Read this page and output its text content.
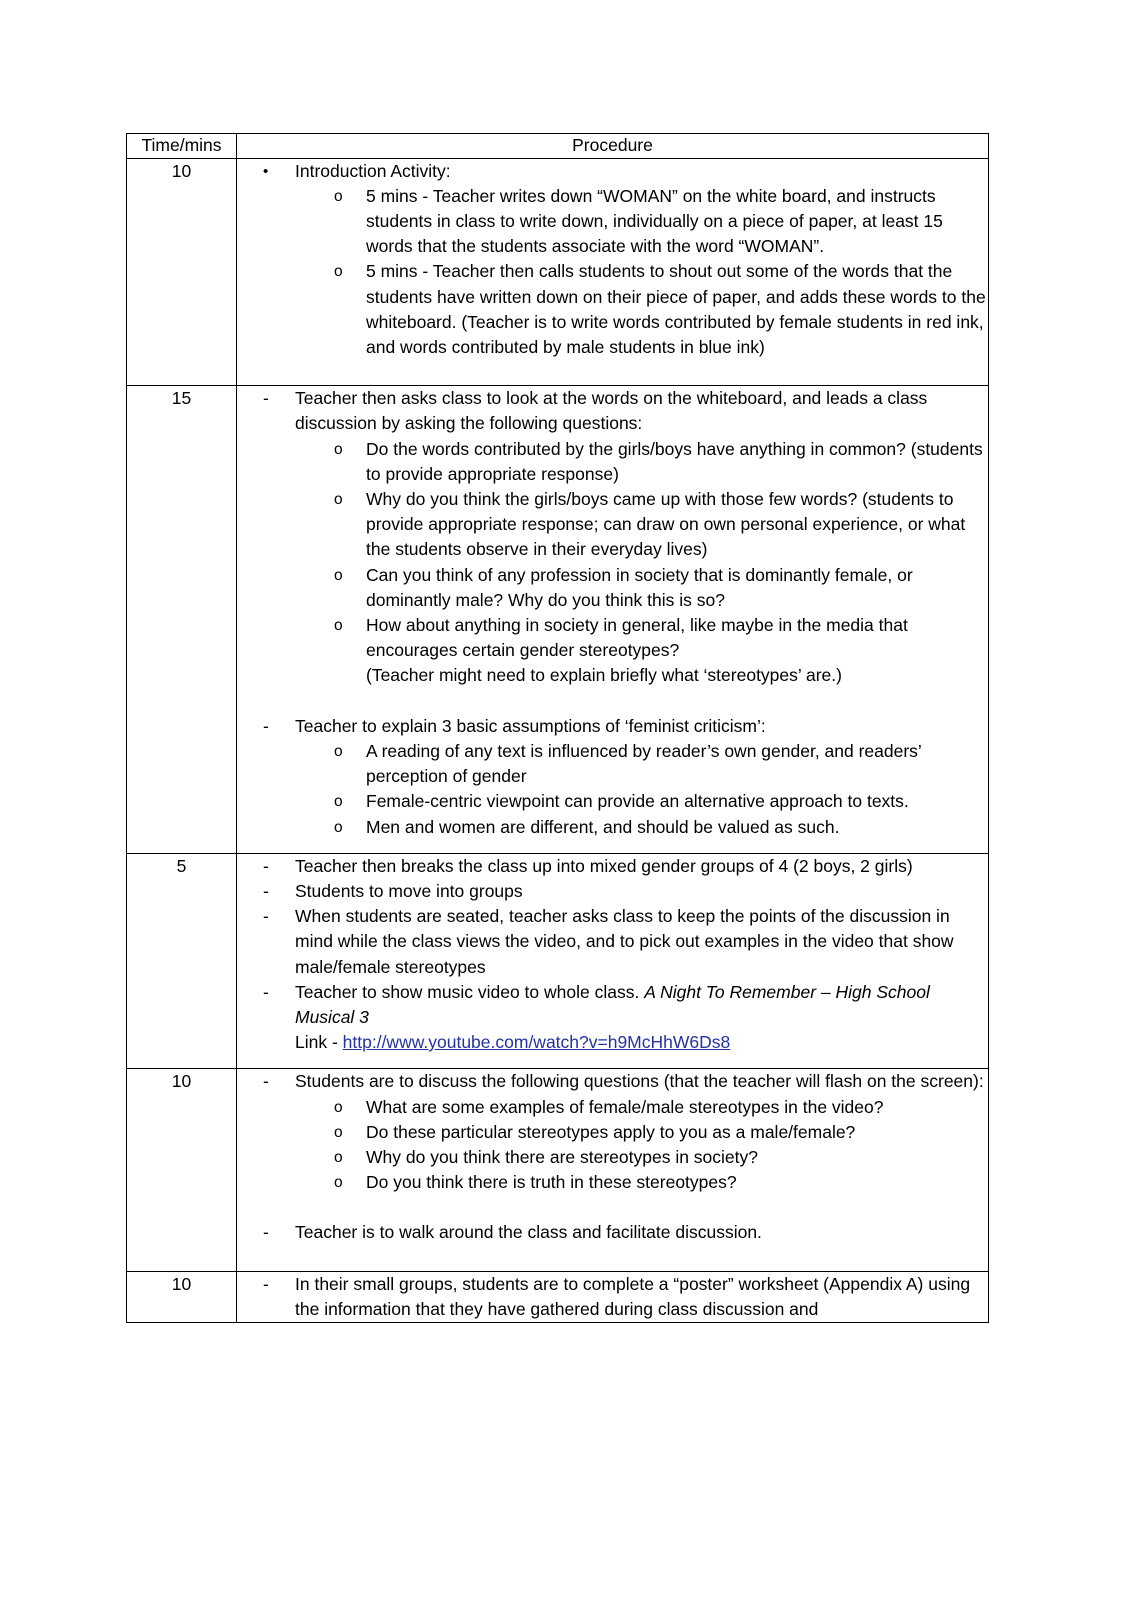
Time/mins	Procedure
10	•	Introduction Activity:

o 5 mins - Teacher writes down “WOMAN” on the white board, and instructs students in class to write down, individually on a piece of paper, at least 15 words that the students associate with the word “WOMAN”.

o 5 mins - Teacher then calls students to shout out some of the words that the students have written down on their piece of paper, and adds these words to the whiteboard. (Teacher is to write words contributed by female students in red ink, and words contributed by male students in blue ink)

15	-	Teacher then asks class to look at the words on the whiteboard, and leads a class discussion by asking the following questions:

o Do the words contributed by the girls/boys have anything in common? (students to provide appropriate response)

o Why do you think the girls/boys came up with those few words? (students to provide appropriate response; can draw on own personal experience, or what the students observe in their everyday lives)

o Can you think of any profession in society that is dominantly female, or dominantly male? Why do you think this is so?

o How about anything in society in general, like maybe in the media that encourages certain gender stereotypes?

(Teacher might need to explain briefly what ‘stereotypes’ are.)

-	Teacher to explain 3 basic assumptions of ‘feminist criticism’:

o A reading of any text is influenced by reader’s own gender, and readers’ perception of gender

o Female-centric viewpoint can provide an alternative approach to texts.

o Men and women are different, and should be valued as such.

5	-	Teacher then breaks the class up into mixed gender groups of 4 (2 boys, 2 girls)

-	Students to move into groups

-	When students are seated, teacher asks class to keep the points of the discussion in mind while the class views the video, and to pick out examples in the video that show male/female stereotypes

-	Teacher to show music video to whole class. A Night To Remember – High School Musical 3
Link - http://www.youtube.com/watch?v=h9McHhW6Ds8

10	-	Students are to discuss the following questions (that the teacher will flash on the screen):

o What are some examples of female/male stereotypes in the video?

o Do these particular stereotypes apply to you as a male/female?

o Why do you think there are stereotypes in society?

o Do you think there is truth in these stereotypes?

-	Teacher is to walk around the class and facilitate discussion.

10	- In their small groups, students are to complete a “poster” worksheet (Appendix A) using the information that they have gathered during class discussion and
